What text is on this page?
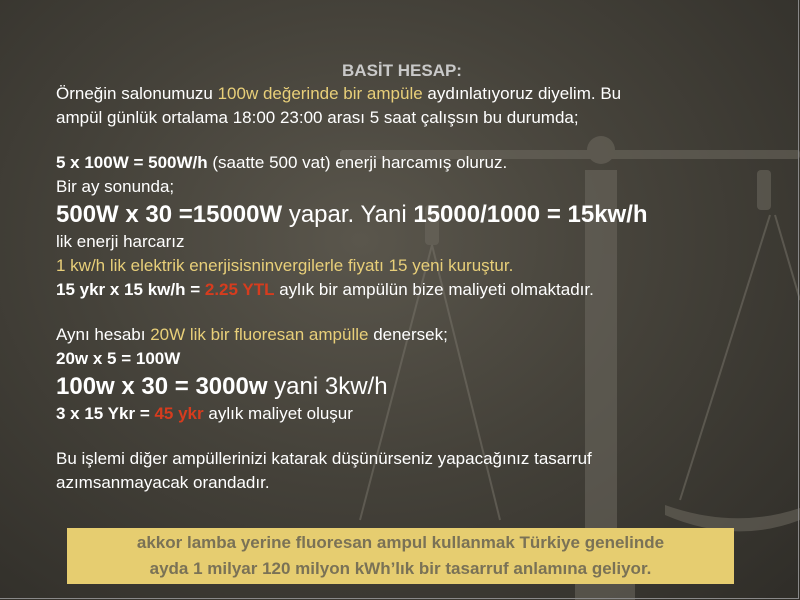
BASİT HESAP:
Örneğin salonumuzu 100w değerinde bir ampüle aydınlatıyoruz diyelim. Bu
ampül günlük ortalama 18:00 23:00 arası 5 saat çalışsın bu durumda;
5 x 100W = 500W/h (saatte 500 vat) enerji harcamış oluruz.
Bir ay sonunda;
500W x 30 =15000W yapar. Yani 15000/1000 = 15kw/h
lik enerji harcarız
1 kw/h lik elektrik enerjisisninvergilerle fiyatı 15 yeni kuruştur.
15 ykr x 15 kw/h = 2.25 YTL aylık bir ampülün bize maliyeti olmaktadır.
Aynı hesabı 20W lik bir fluoresan ampülle denersek;
20w x 5 = 100W
100w x 30 = 3000w yani 3kw/h
3 x 15 Ykr = 45 ykr aylık maliyet oluşur
Bu işlemi diğer ampüllerinizi katarak düşünürseniz yapacağınız tasarruf
azımsanmayacak orandadır.
akkor lamba yerine fluoresan ampul kullanmak Türkiye genelinde
ayda 1 milyar 120 milyon kWh’lık bir tasarruf anlamına geliyor.
